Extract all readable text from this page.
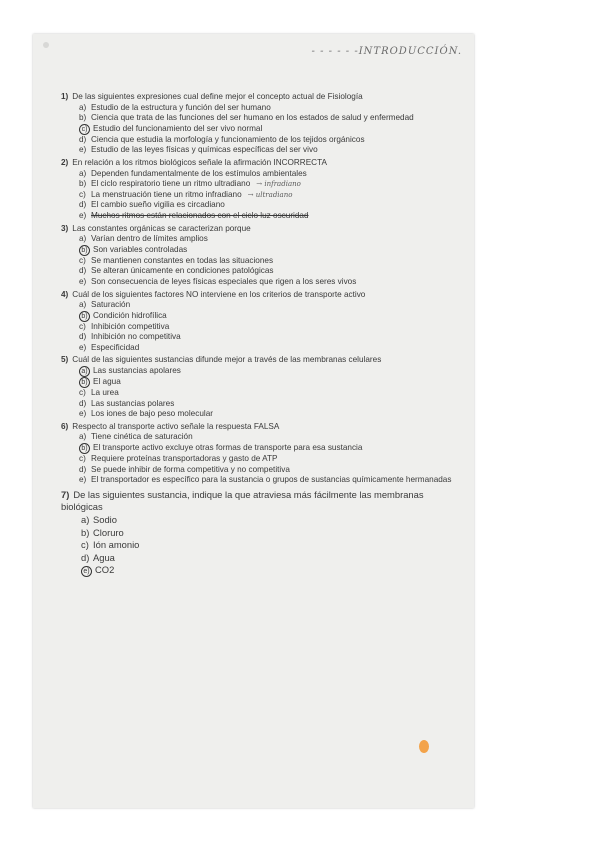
- - - - - -INTRODUCCIÓN.
1) De las siguientes expresiones cual define mejor el concepto actual de Fisiología
a) Estudio de la estructura y función del ser humano
b) Ciencia que trata de las funciones del ser humano en los estados de salud y enfermedad
c) Estudio del funcionamiento del ser vivo normal
d) Ciencia que estudia la morfología y funcionamiento de los tejidos orgánicos
e) Estudio de las leyes físicas y químicas específicas del ser vivo
2) En relación a los ritmos biológicos señale la afirmación INCORRECTA
a) Dependen fundamentalmente de los estímulos ambientales
b) El ciclo respiratorio tiene un ritmo ultradiano → infradiano
c) La menstruación tiene un ritmo infradiano → ultradiano
d) El cambio sueño vigilia es circadiano
e) Muchos ritmos están relacionados con el ciclo luz oscuridad
3) Las constantes orgánicas se caracterizan porque
a) Varían dentro de límites amplios
b) Son variables controladas
c) Se mantienen constantes en todas las situaciones
d) Se alteran únicamente en condiciones patológicas
e) Son consecuencia de leyes físicas especiales que rigen a los seres vivos
4) Cuál de los siguientes factores NO interviene en los criterios de transporte activo
a) Saturación
b) Condición hidrofílica
c) Inhibición competitiva
d) Inhibición no competitiva
e) Especificidad
5) Cuál de las siguientes sustancias difunde mejor a través de las membranas celulares
a) Las sustancias apolares
b) El agua
c) La urea
d) Las sustancias polares
e) Los iones de bajo peso molecular
6) Respecto al transporte activo señale la respuesta FALSA
a) Tiene cinética de saturación
b) El transporte activo excluye otras formas de transporte para esa sustancia
c) Requiere proteínas transportadoras y gasto de ATP
d) Se puede inhibir de forma competitiva y no competitiva
e) El transportador es específico para la sustancia o grupos de sustancias químicamente hermanadas
7) De las siguientes sustancia, indique la que atraviesa más fácilmente las membranas biológicas
a) Sodio
b) Cloruro
c) Ión amonio
d) Agua
e) CO2
